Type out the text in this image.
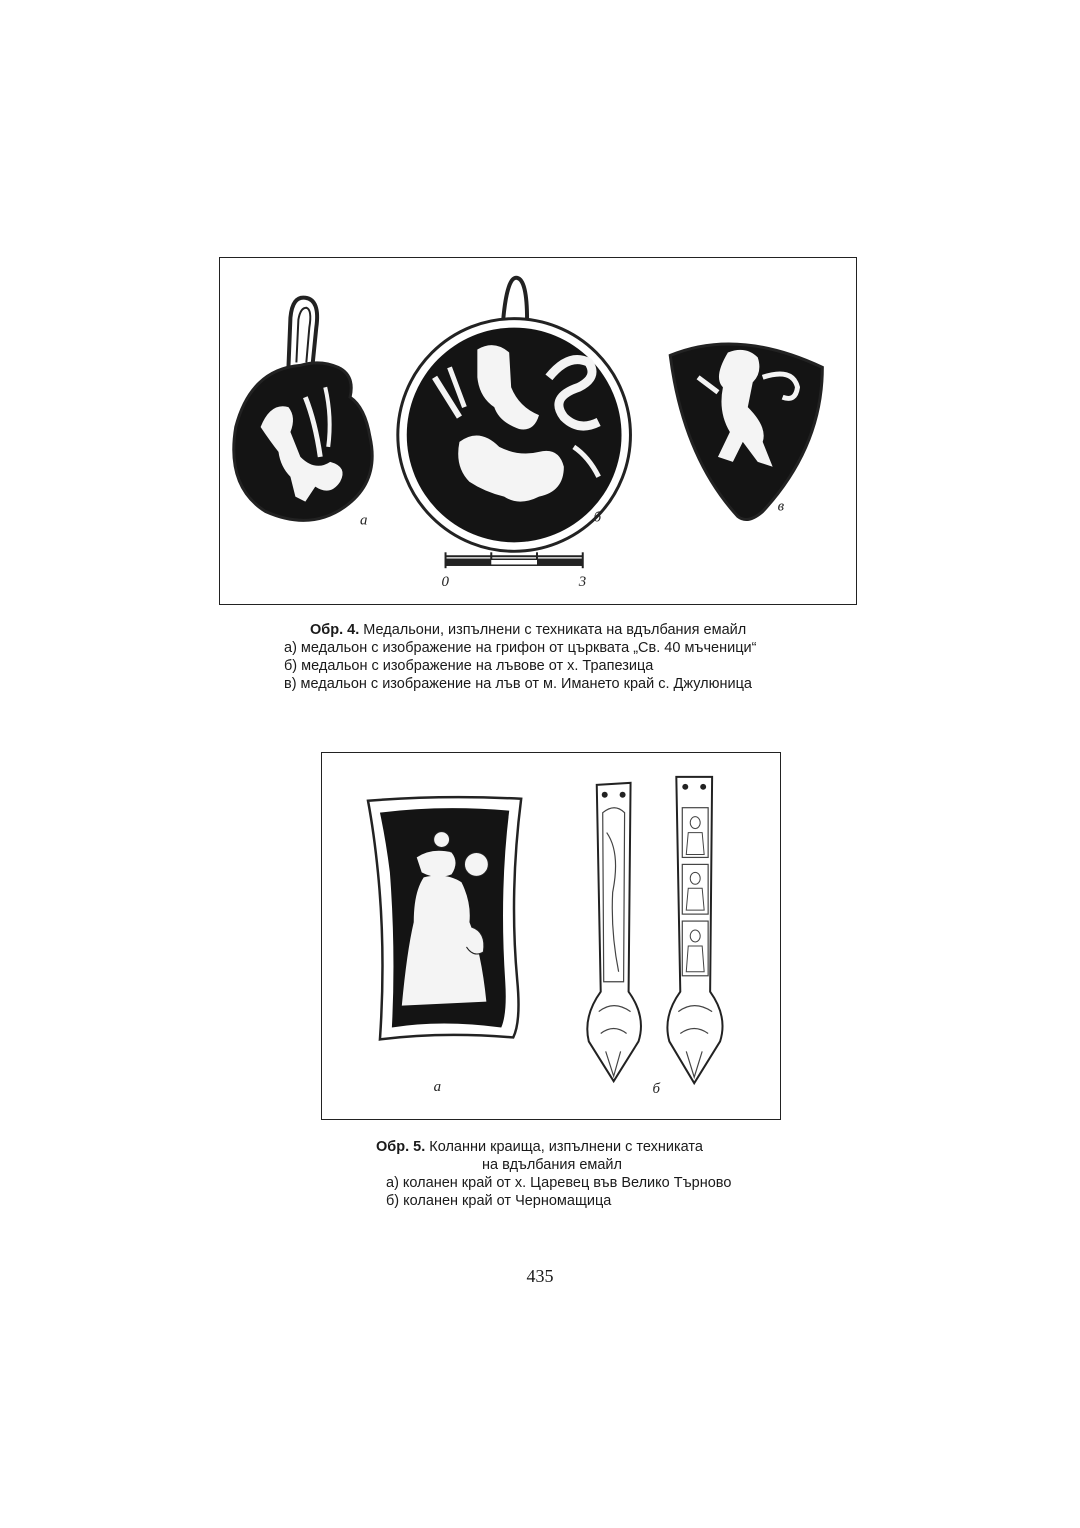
а	б
в
0	3
Обр. 4. Медальони, изпълнени с техниката на вдълбания емайл
а) медальон с изображение на грифон от църквата „Св. 40 мъченици“
б) медальон с изображение на лъвове от х. Трапезица
в) медальон с изображение на лъв от м. Имането край с. Джулюница
а	б
Обр. 5. Коланни краища, изпълнени с техниката
на вдълбания емайл
а) коланен край от х. Царевец във Велико Търново
б) коланен край от Черномащица
435
